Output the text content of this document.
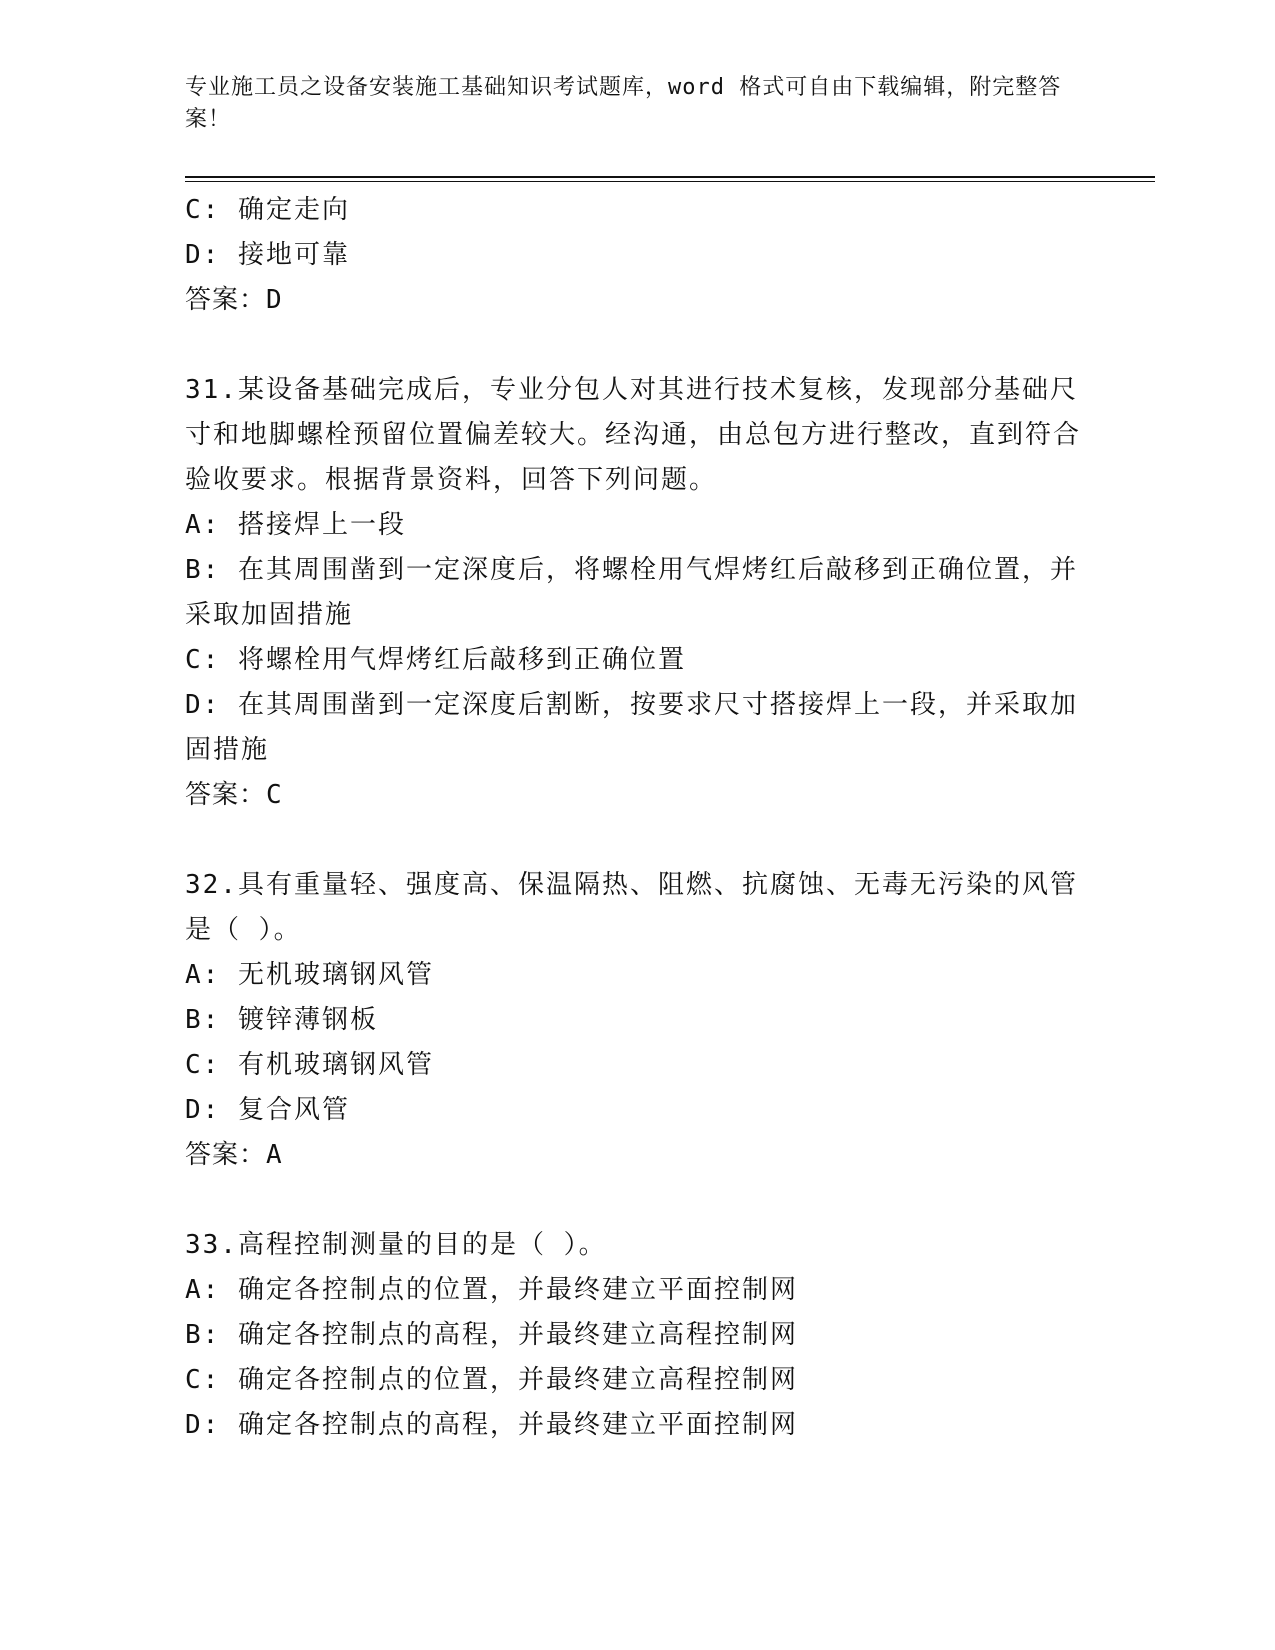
专业施工员之设备安装施工基础知识考试题库，word 格式可自由下载编辑，附完整答案！
C: 确定走向
D: 接地可靠
答案：D
31.某设备基础完成后，专业分包人对其进行技术复核，发现部分基础尺寸和地脚螺栓预留位置偏差较大。经沟通，由总包方进行整改，直到符合验收要求。根据背景资料，回答下列问题。
A: 搭接焊上一段
B: 在其周围凿到一定深度后，将螺栓用气焊烤红后敲移到正确位置，并采取加固措施
C: 将螺栓用气焊烤红后敲移到正确位置
D: 在其周围凿到一定深度后割断，按要求尺寸搭接焊上一段，并采取加固措施
答案：C
32.具有重量轻、强度高、保温隔热、阻燃、抗腐蚀、无毒无污染的风管是（ ）。
A: 无机玻璃钢风管
B: 镀锌薄钢板
C: 有机玻璃钢风管
D: 复合风管
答案：A
33.高程控制测量的目的是（ ）。
A: 确定各控制点的位置，并最终建立平面控制网
B: 确定各控制点的高程，并最终建立高程控制网
C: 确定各控制点的位置，并最终建立高程控制网
D: 确定各控制点的高程，并最终建立平面控制网
